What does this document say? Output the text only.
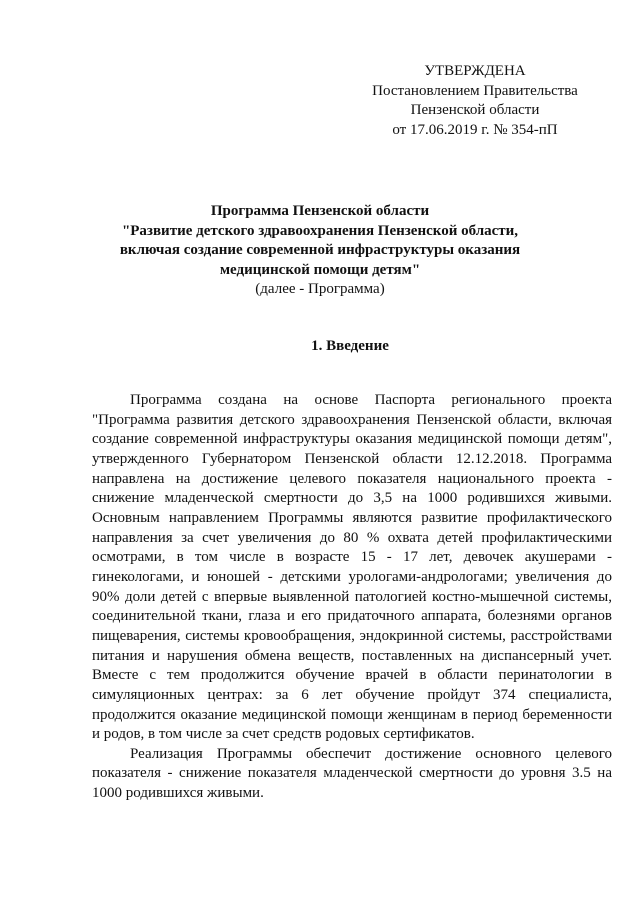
УТВЕРЖДЕНА
Постановлением Правительства
Пензенской области
от 17.06.2019 г. № 354-пП
Программа Пензенской области
"Развитие детского здравоохранения Пензенской области,
включая создание современной инфраструктуры оказания
медицинской помощи детям"
(далее - Программа)
1. Введение

Программа создана на основе Паспорта регионального проекта "Программа развития детского здравоохранения Пензенской области, включая создание современной инфраструктуры оказания медицинской помощи детям", утвержденного Губернатором Пензенской области 12.12.2018. Программа направлена на достижение целевого показателя национального проекта - снижение младенческой смертности до 3,5 на 1000 родившихся живыми. Основным направлением Программы являются развитие профилактического направления за счет увеличения до 80 % охвата детей профилактическими осмотрами, в том числе в возрасте 15 - 17 лет, девочек акушерами - гинекологами, и юношей - детскими урологами-андрологами; увеличения до 90% доли детей с впервые выявленной патологией костно-мышечной системы, соединительной ткани, глаза и его придаточного аппарата, болезнями органов пищеварения, системы кровообращения, эндокринной системы, расстройствами питания и нарушения обмена веществ, поставленных на диспансерный учет. Вместе с тем продолжится обучение врачей в области перинатологии в симуляционных центрах: за 6 лет обучение пройдут 374 специалиста, продолжится оказание медицинской помощи женщинам в период беременности и родов, в том числе за счет средств родовых сертификатов.

Реализация Программы обеспечит достижение основного целевого показателя - снижение показателя младенческой смертности до уровня 3.5 на 1000 родившихся живыми.
